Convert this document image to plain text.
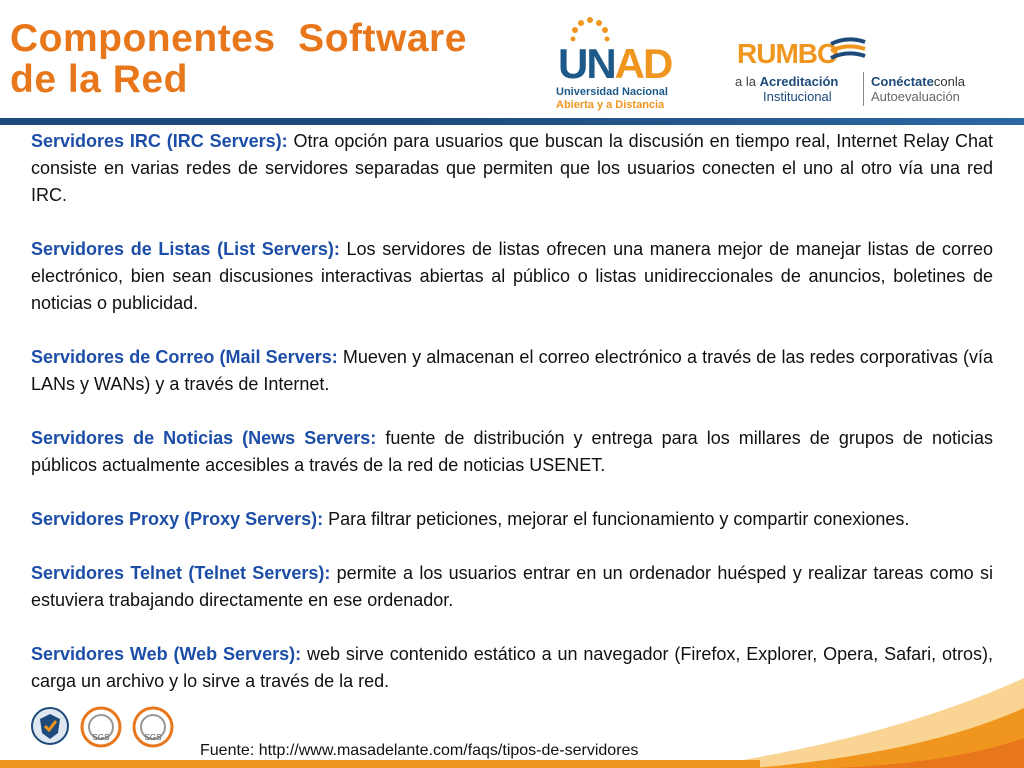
Componentes  Software
de la Red	UNAD
Universidad Nacional
Abierta y a Distancia
RUMBO
a la Acreditación
Institucional
Conéctateconla
Autoevaluación

Servidores IRC (IRC Servers): Otra opción para usuarios que buscan la discusión en tiempo real, Internet Relay Chat consiste en varias redes de servidores separadas que permiten que los usuarios conecten el uno al otro vía una red IRC.

Servidores de Listas (List Servers): Los servidores de listas ofrecen una manera mejor de manejar listas de correo electrónico, bien sean discusiones interactivas abiertas al público o listas unidireccionales de anuncios, boletines de noticias o publicidad.

Servidores de Correo (Mail Servers: Mueven y almacenan el correo electrónico a través de las redes corporativas (vía LANs y WANs) y a través de Internet.

Servidores de Noticias (News Servers: fuente de distribución y entrega para los millares de grupos de noticias públicos actualmente accesibles a través de la red de noticias USENET.

Servidores Proxy (Proxy Servers): Para filtrar peticiones, mejorar el funcionamiento y compartir conexiones.

Servidores Telnet (Telnet Servers): permite a los usuarios entrar en un ordenador huésped y realizar tareas como si estuviera trabajando directamente en ese ordenador.

Servidores Web (Web Servers): web sirve contenido estático a un navegador (Firefox, Explorer, Opera, Safari, otros), carga un archivo y lo sirve a través de la red.

SGS	SGS
Fuente: http://www.masadelante.com/faqs/tipos-de-servidores
